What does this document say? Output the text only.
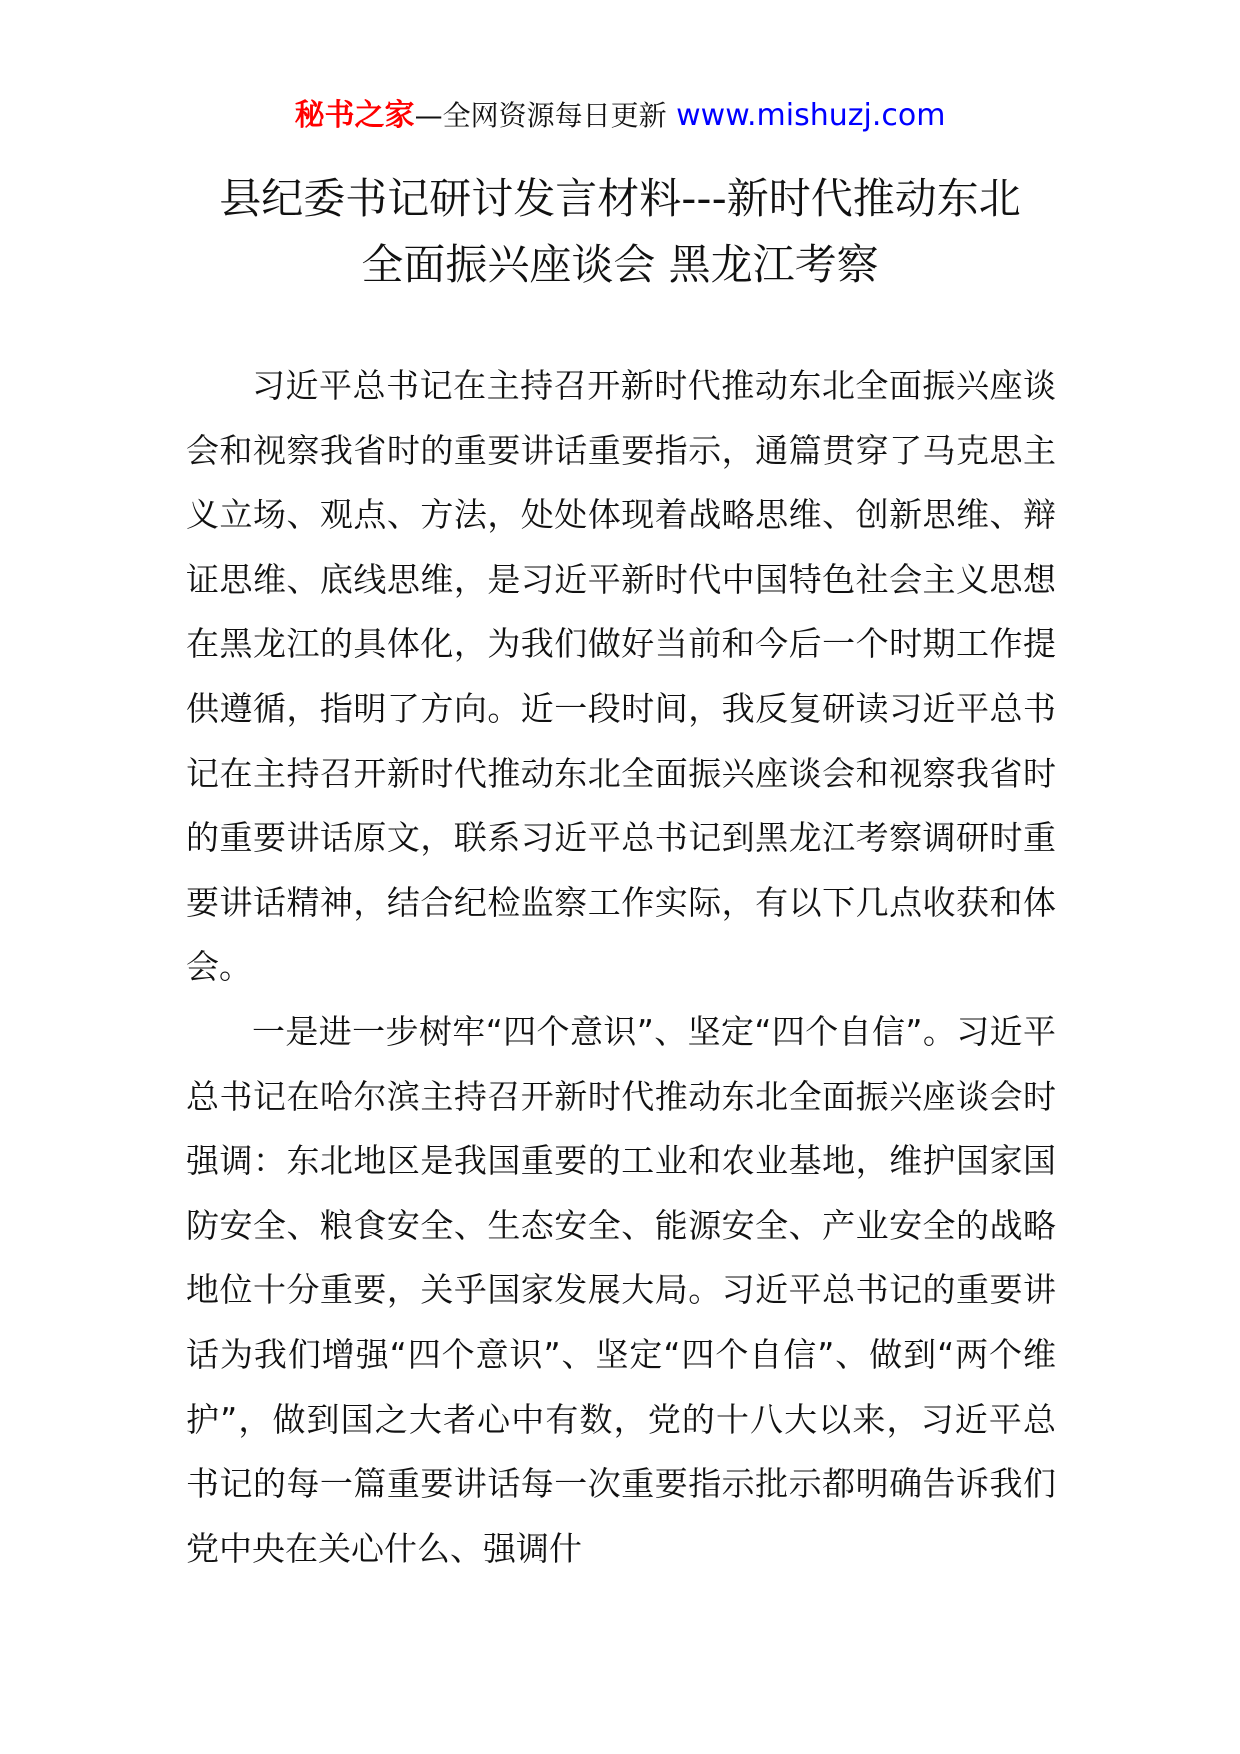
秘书之家—全网资源每日更新 www.mishuzj.com
县纪委书记研讨发言材料---新时代推动东北
全面振兴座谈会 黑龙江考察

习近平总书记在主持召开新时代推动东北全面振兴座谈会和视察我省时的重要讲话重要指示，通篇贯穿了马克思主义立场、观点、方法，处处体现着战略思维、创新思维、辩证思维、底线思维，是习近平新时代中国特色社会主义思想在黑龙江的具体化，为我们做好当前和今后一个时期工作提供遵循，指明了方向。近一段时间，我反复研读习近平总书记在主持召开新时代推动东北全面振兴座谈会和视察我省时的重要讲话原文，联系习近平总书记到黑龙江考察调研时重要讲话精神，结合纪检监察工作实际，有以下几点收获和体会。

一是进一步树牢“四个意识”、坚定“四个自信”。习近平总书记在哈尔滨主持召开新时代推动东北全面振兴座谈会时强调：东北地区是我国重要的工业和农业基地，维护国家国防安全、粮食安全、生态安全、能源安全、产业安全的战略地位十分重要，关乎国家发展大局。习近平总书记的重要讲话为我们增强“四个意识”、坚定“四个自信”、做到“两个维护”，做到国之大者心中有数，党的十八大以来，习近平总书记的每一篇重要讲话每一次重要指示批示都明确告诉我们党中央在关心什么、强调什
